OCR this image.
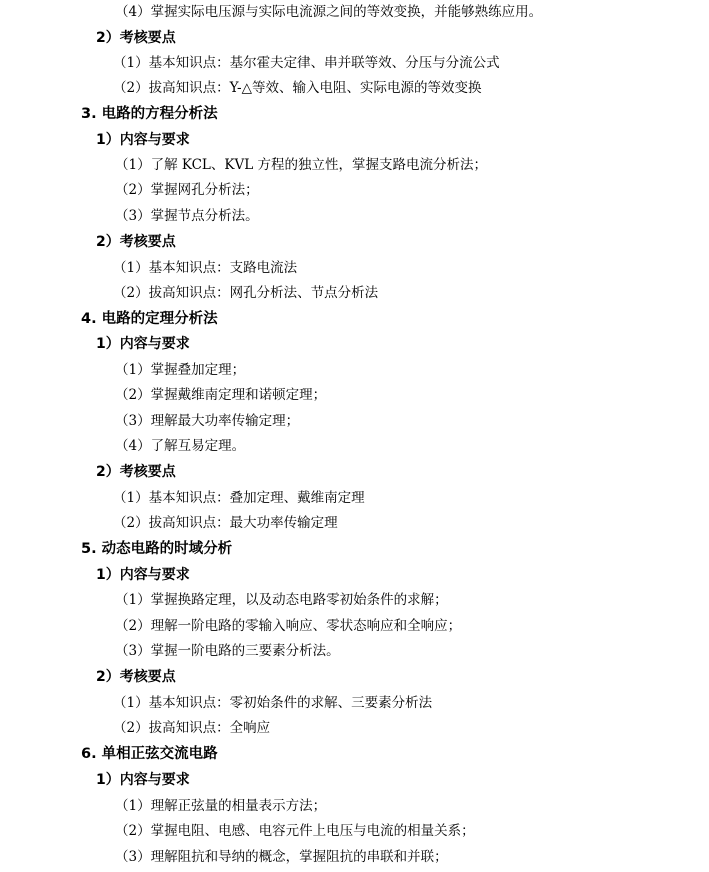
（4）掌握实际电压源与实际电流源之间的等效变换，并能够熟练应用。
2）考核要点
（1）基本知识点：基尔霍夫定律、串并联等效、分压与分流公式
（2）拔高知识点：Y-△等效、输入电阻、实际电源的等效变换
3. 电路的方程分析法
1）内容与要求
（1）了解 KCL、KVL 方程的独立性，掌握支路电流分析法；
（2）掌握网孔分析法；
（3）掌握节点分析法。
2）考核要点
（1）基本知识点：支路电流法
（2）拔高知识点：网孔分析法、节点分析法
4. 电路的定理分析法
1）内容与要求
（1）掌握叠加定理；
（2）掌握戴维南定理和诺顿定理；
（3）理解最大功率传输定理；
（4）了解互易定理。
2）考核要点
（1）基本知识点：叠加定理、戴维南定理
（2）拔高知识点：最大功率传输定理
5. 动态电路的时域分析
1）内容与要求
（1）掌握换路定理，以及动态电路零初始条件的求解；
（2）理解一阶电路的零输入响应、零状态响应和全响应；
（3）掌握一阶电路的三要素分析法。
2）考核要点
（1）基本知识点：零初始条件的求解、三要素分析法
（2）拔高知识点：全响应
6. 单相正弦交流电路
1）内容与要求
（1）理解正弦量的相量表示方法；
（2）掌握电阻、电感、电容元件上电压与电流的相量关系；
（3）理解阻抗和导纳的概念，掌握阻抗的串联和并联；
